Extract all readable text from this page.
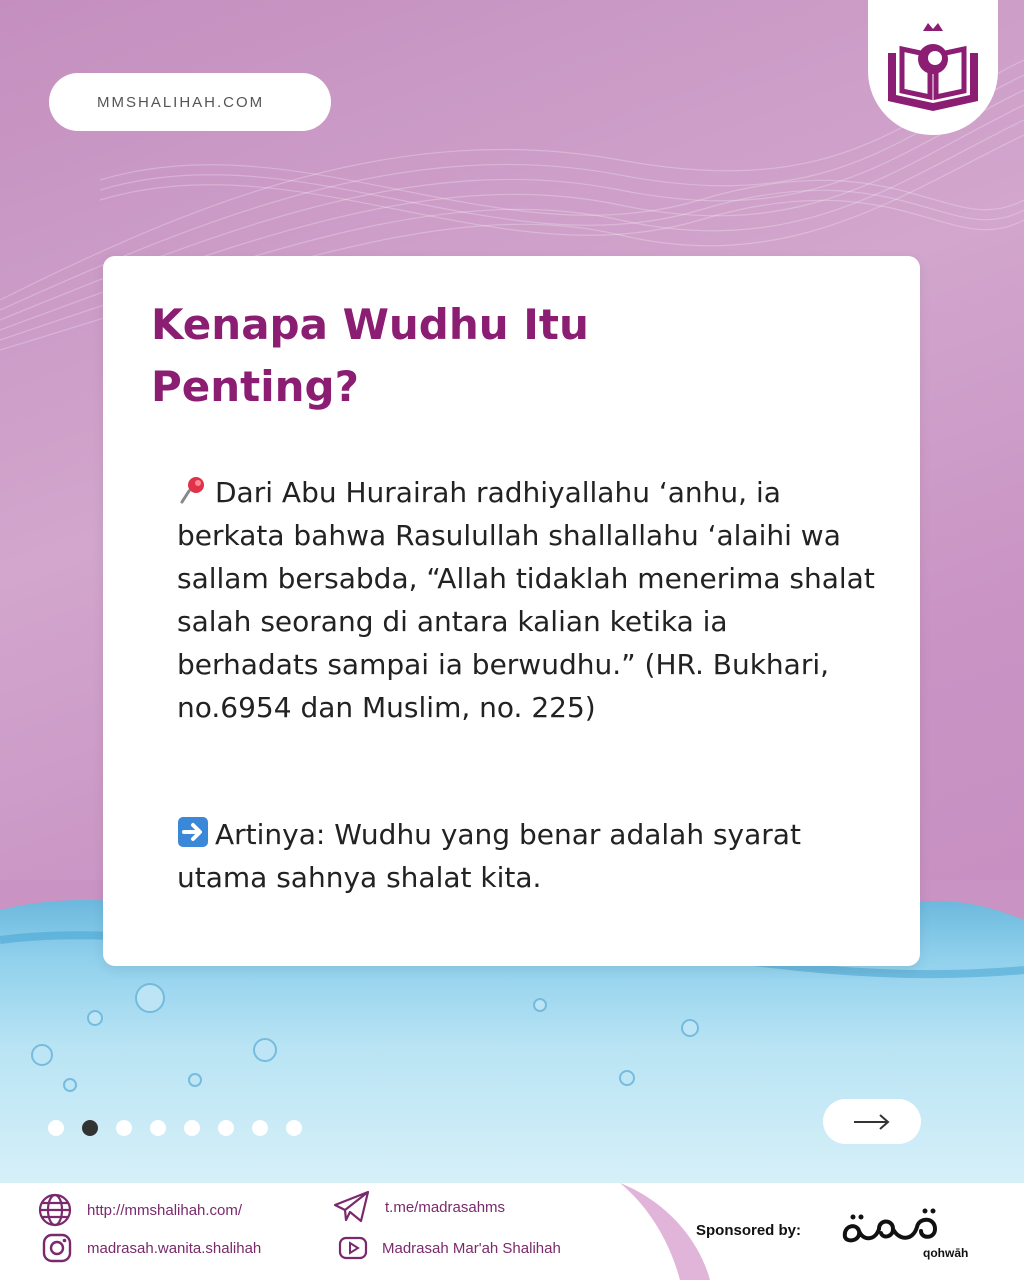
MMSHALIHAH.COM
Kenapa Wudhu Itu
Penting?
Dari Abu Hurairah radhiyallahu ‘anhu, ia berkata bahwa Rasulullah shallallahu ‘alaihi wa sallam bersabda, “Allah tidaklah menerima shalat salah seorang di antara kalian ketika ia berhadats sampai ia berwudhu.” (HR. Bukhari, no.6954 dan Muslim, no. 225)
Artinya: Wudhu yang benar adalah syarat utama sahnya shalat kita.
http://mmshalihah.com/
madrasah.wanita.shalihah
t.me/madrasahms
Madrasah Mar'ah Shalihah
Sponsored by:
qohwāh
